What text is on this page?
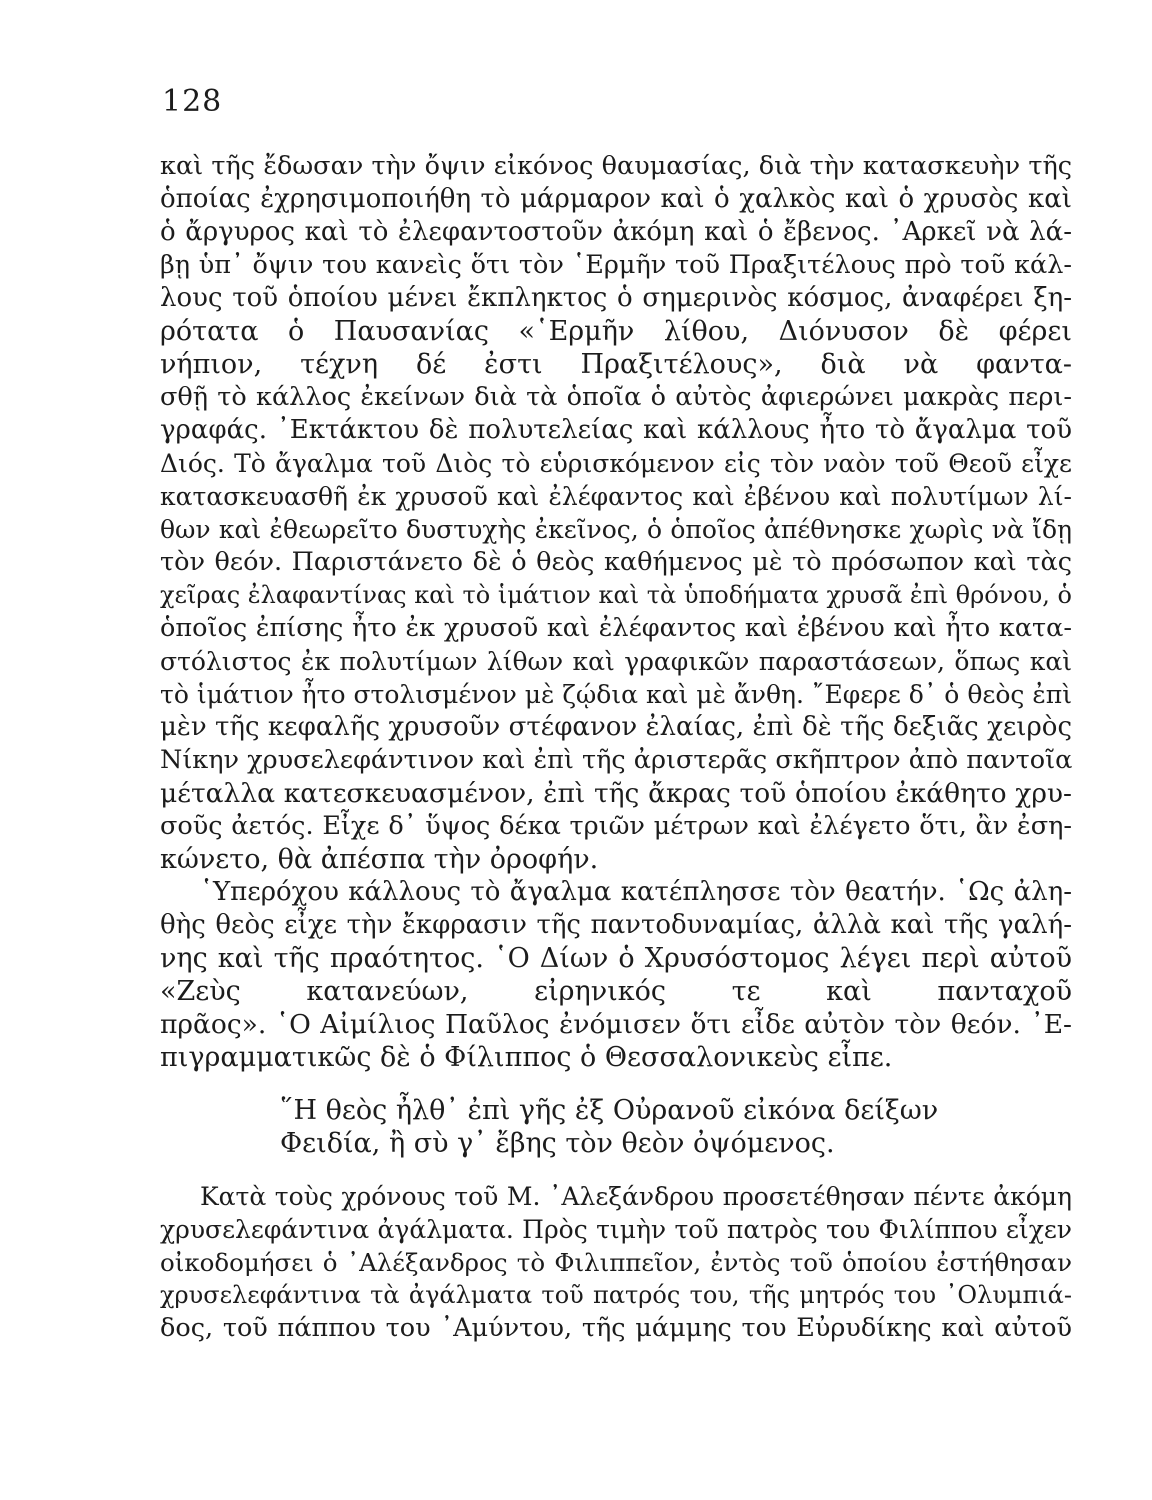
128
καὶ τῆς ἔδωσαν τὴν ὄψιν εἰκόνος θαυμασίας, διὰ τὴν κατασκευὴν τῆς
ὁποίας ἐχρησιμοποιήθη τὸ μάρμαρον καὶ ὁ χαλκὸς καὶ ὁ χρυσὸς καὶ
ὁ ἄργυρος καὶ τὸ ἐλεφαντοστοῦν ἀκόμη καὶ ὁ ἔβενος. ᾿Αρκεῖ νὰ λά-
βῃ ὑπ᾿ ὄψιν του κανεὶς ὅτι τὸν ῾Ερμῆν τοῦ Πραξιτέλους πρὸ τοῦ κάλ-
λους τοῦ ὁποίου μένει ἔκπληκτος ὁ σημερινὸς κόσμος, ἀναφέρει ξη-
ρότατα ὁ Παυσανίας «῾Ερμῆν λίθου, Διόνυσον δὲ φέρει
νήπιον, τέχνη δέ ἐστι Πραξιτέλους», διὰ νὰ φαντα-
σθῇ τὸ κάλλος ἐκείνων διὰ τὰ ὁποῖα ὁ αὐτὸς ἀφιερώνει μακρὰς περι-
γραφάς. ᾿Εκτάκτου δὲ πολυτελείας καὶ κάλλους ἦτο τὸ ἄγαλμα τοῦ
Διός. Τὸ ἄγαλμα τοῦ Διὸς τὸ εὑρισκόμενον εἰς τὸν ναὸν τοῦ Θεοῦ εἶχε
κατασκευασθῆ ἐκ χρυσοῦ καὶ ἐλέφαντος καὶ ἐβένου καὶ πολυτίμων λί-
θων καὶ ἐθεωρεῖτο δυστυχὴς ἐκεῖνος, ὁ ὁποῖος ἀπέθνησκε χωρὶς νὰ ἴδῃ
τὸν θεόν. Παριστάνετο δὲ ὁ θεὸς καθήμενος μὲ τὸ πρόσωπον καὶ τὰς
χεῖρας ἐλαφαντίνας καὶ τὸ ἱμάτιον καὶ τὰ ὑποδήματα χρυσᾶ ἐπὶ θρόνου, ὁ
ὁποῖος ἐπίσης ἦτο ἐκ χρυσοῦ καὶ ἐλέφαντος καὶ ἐβένου καὶ ἦτο κατα-
στόλιστος ἐκ πολυτίμων λίθων καὶ γραφικῶν παραστάσεων, ὅπως καὶ
τὸ ἱμάτιον ἦτο στολισμένον μὲ ζῴδια καὶ μὲ ἄνθη. ῎Εφερε δ᾿ ὁ θεὸς ἐπὶ
μὲν τῆς κεφαλῆς χρυσοῦν στέφανον ἐλαίας, ἐπὶ δὲ τῆς δεξιᾶς χειρὸς
Νίκην χρυσελεφάντινον καὶ ἐπὶ τῆς ἀριστερᾶς σκῆπτρον ἀπὸ παντοῖα
μέταλλα κατεσκευασμένον, ἐπὶ τῆς ἄκρας τοῦ ὁποίου ἐκάθητο χρυ-
σοῦς ἀετός. Εἶχε δ᾿ ὕψος δέκα τριῶν μέτρων καὶ ἐλέγετο ὅτι, ἂν ἐση-
κώνετο, θὰ ἀπέσπα τὴν ὀροφήν.
῾Υπερόχου κάλλους τὸ ἄγαλμα κατέπλησσε τὸν θεατήν. ῾Ως ἀλη-
θὴς θεὸς εἶχε τὴν ἔκφρασιν τῆς παντοδυναμίας, ἀλλὰ καὶ τῆς γαλή-
νης καὶ τῆς πραότητος. ῾Ο Δίων ὁ Χρυσόστομος λέγει περὶ αὐτοῦ
«Ζεὺς κατανεύων, εἰρηνικός τε καὶ πανταχοῦ
πρᾶος». ῾Ο Αἰμίλιος Παῦλος ἐνόμισεν ὅτι εἶδε αὐτὸν τὸν θεόν. ᾿Ε-
πιγραμματικῶς δὲ ὁ Φίλιππος ὁ Θεσσαλονικεὺς εἶπε.
῞Η θεὸς ἦλθ᾿ ἐπὶ γῆς ἐξ Οὐρανοῦ εἰκόνα δείξων
Φειδία, ἢ σὺ γ᾿ ἔβης τὸν θεὸν ὀψόμενος.
Κατὰ τοὺς χρόνους τοῦ Μ. ᾿Αλεξάνδρου προσετέθησαν πέντε ἀκόμη
χρυσελεφάντινα ἀγάλματα. Πρὸς τιμὴν τοῦ πατρὸς του Φιλίππου εἶχεν
οἰκοδομήσει ὁ ᾿Αλέξανδρος τὸ Φιλιππεῖον, ἐντὸς τοῦ ὁποίου ἐστήθησαν
χρυσελεφάντινα τὰ ἀγάλματα τοῦ πατρός του, τῆς μητρός του ᾿Ολυμπιά-
δος, τοῦ πάππου του ᾿Αμύντου, τῆς μάμμης του Εὐρυδίκης καὶ αὐτοῦ
